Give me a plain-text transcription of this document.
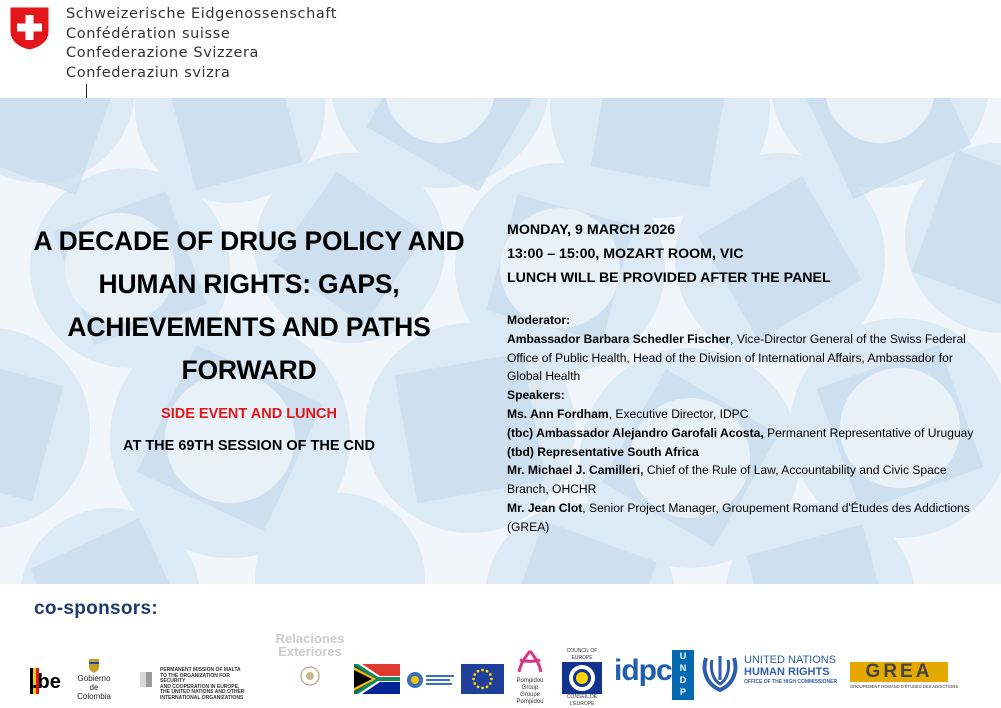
Schweizerische Eidgenossenschaft
Confédération suisse
Confederazione Svizzera
Confederaziun svizra
A DECADE OF DRUG POLICY AND
HUMAN RIGHTS: GAPS,
ACHIEVEMENTS AND PATHS
FORWARD
SIDE EVENT AND LUNCH
AT THE 69TH SESSION OF THE CND
MONDAY, 9 MARCH 2026
13:00 – 15:00, MOZART ROOM, VIC
LUNCH WILL BE PROVIDED AFTER THE PANEL
Moderator:
Ambassador Barbara Schedler Fischer, Vice-Director General of the Swiss Federal Office of Public Health, Head of the Division of International Affairs, Ambassador for Global Health
Speakers:
Ms. Ann Fordham, Executive Director, IDPC
(tbc) Ambassador Alejandro Garofali Acosta, Permanent Representative of Uruguay
(tbd) Representative South Africa
Mr. Michael J. Camilleri, Chief of the Rule of Law, Accountability and Civic Space Branch, OHCHR
Mr. Jean Clot, Senior Project Manager, Groupement Romand d'Études des Addictions (GREA)
co-sponsors:
.be	Gobierno de
Colombia
PERMANENT MISSION OF MALTA
TO THE ORGANIZATION FOR SECURITY
AND COOPERATION IN EUROPE,
THE UNITED NATIONS AND OTHER
INTERNATIONAL ORGANIZATIONS
Relaciones
Exteriores
Pompidou Group
Groupe Pompidou
COUNCIL OF EUROPE
CONSEIL DE L'EUROPE
idpc U
N
D
P
UNITED NATIONS
HUMAN RIGHTS
OFFICE OF THE HIGH COMMISSIONER	GREA
GROUPEMENT ROMAND D'ÉTUDES DES ADDICTIONS
